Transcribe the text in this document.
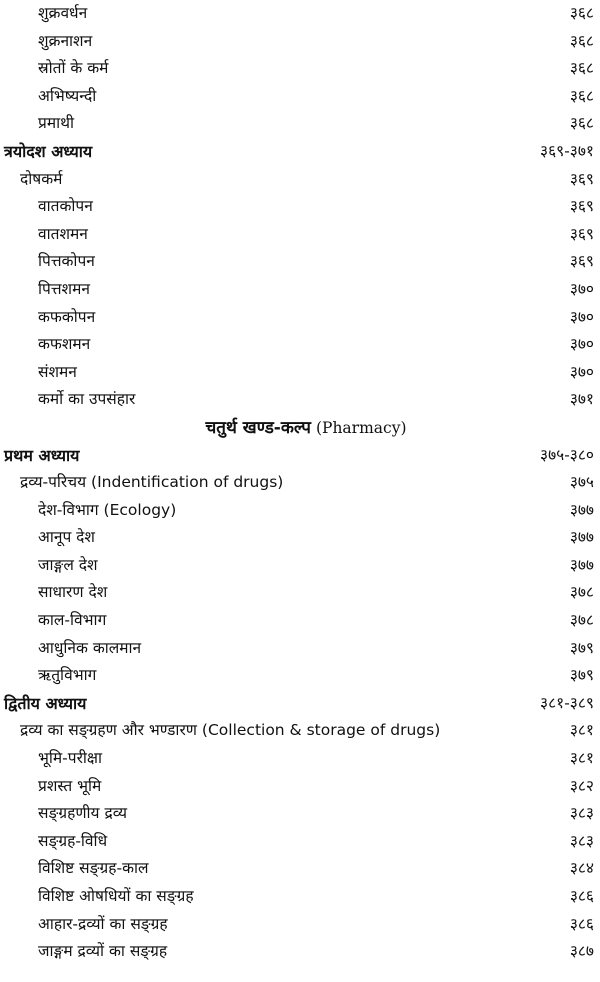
शुक्रवर्धन	३६८
शुक्रनाशन	३६८
स्रोतों के कर्म	३६८
अभिष्यन्दी	३६८
प्रमाथी	३६८
त्रयोदश अध्याय	३६९-३७१
दोषकर्म	३६९
वातकोपन	३६९
वातशमन	३६९
पित्तकोपन	३६९
पित्तशमन	३७०
कफकोपन	३७०
कफशमन	३७०
संशमन	३७०
कर्मो का उपसंहार	३७१
चतुर्थ खण्ड-कल्प (Pharmacy)
प्रथम अध्याय	३७५-३८०
द्रव्य-परिचय (Indentification of drugs)	३७५
देश-विभाग (Ecology)	३७७
आनूप देश	३७७
जाङ्गल देश	३७७
साधारण देश	३७८
काल-विभाग	३७८
आधुनिक कालमान	३७९
ऋतुविभाग	३७९
द्वितीय अध्याय	३८१-३८९
द्रव्य का सङ्ग्रहण और भण्डारण (Collection & storage of drugs)	३८१
भूमि-परीक्षा	३८१
प्रशस्त भूमि	३८२
सङ्ग्रहणीय द्रव्य	३८३
सङ्ग्रह-विधि	३८३
विशिष्ट सङ्ग्रह-काल	३८४
विशिष्ट ओषधियों का सङ्ग्रह	३८६
आहार-द्रव्यों का सङ्ग्रह	३८६
जाङ्गम द्रव्यों का सङ्ग्रह	३८७
